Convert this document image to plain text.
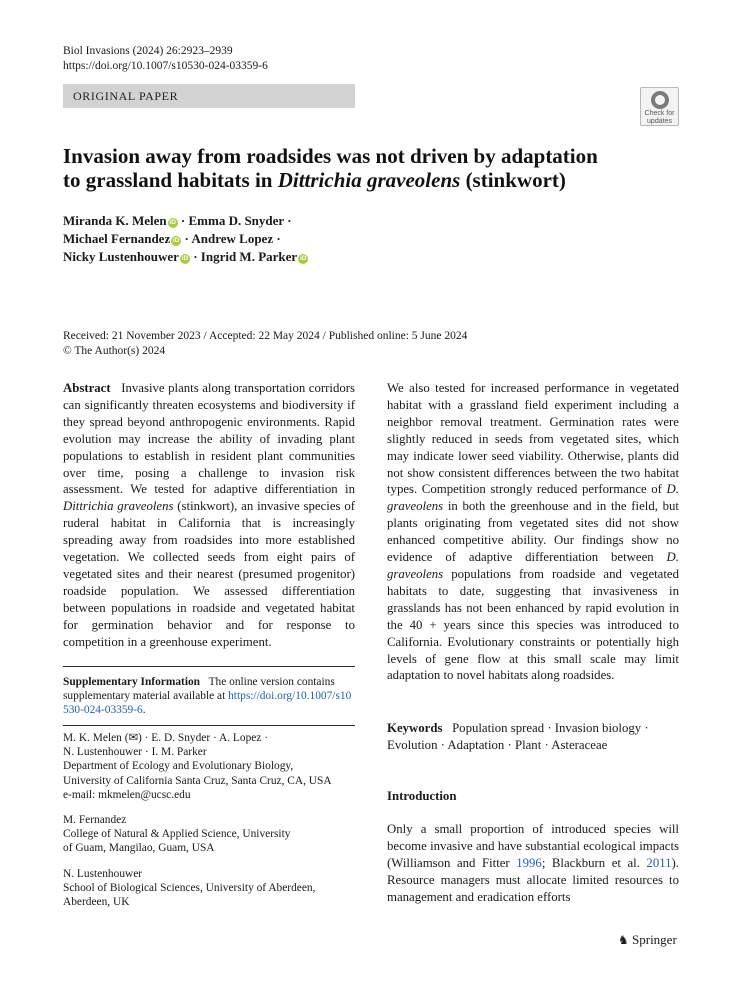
Biol Invasions (2024) 26:2923–2939
https://doi.org/10.1007/s10530-024-03359-6
ORIGINAL PAPER
Check for
updates
Invasion away from roadsides was not driven by adaptation
to grassland habitats in Dittrichia graveolens (stinkwort)
Miranda K. Melen iD · Emma D. Snyder ·
Michael Fernandez iD · Andrew Lopez ·
Nicky Lustenhouwer iD · Ingrid M. Parker iD
Received: 21 November 2023 / Accepted: 22 May 2024 / Published online: 5 June 2024
© The Author(s) 2024
Abstract Invasive plants along transportation corridors can significantly threaten ecosystems and biodiversity if they spread beyond anthropogenic environments. Rapid evolution may increase the ability of invading plant populations to establish in resident plant communities over time, posing a challenge to invasion risk assessment. We tested for adaptive differentiation in Dittrichia graveolens (stinkwort), an invasive species of ruderal habitat in California that is increasingly spreading away from roadsides into more established vegetation. We collected seeds from eight pairs of vegetated sites and their nearest (presumed progenitor) roadside population. We assessed differentiation between populations in roadside and vegetated habitat for germination behavior and for response to competition in a greenhouse experiment.
Supplementary Information The online version contains supplementary material available at https://doi.org/10.1007/s10530-024-03359-6.
M. K. Melen (✉) · E. D. Snyder · A. Lopez ·
N. Lustenhouwer · I. M. Parker
Department of Ecology and Evolutionary Biology,
University of California Santa Cruz, Santa Cruz, CA, USA
e-mail: mkmelen@ucsc.edu
M. Fernandez
College of Natural & Applied Science, University
of Guam, Mangilao, Guam, USA
N. Lustenhouwer
School of Biological Sciences, University of Aberdeen,
Aberdeen, UK
We also tested for increased performance in vegetated habitat with a grassland field experiment including a neighbor removal treatment. Germination rates were slightly reduced in seeds from vegetated sites, which may indicate lower seed viability. Otherwise, plants did not show consistent differences between the two habitat types. Competition strongly reduced performance of D. graveolens in both the greenhouse and in the field, but plants originating from vegetated sites did not show enhanced competitive ability. Our findings show no evidence of adaptive differentiation between D. graveolens populations from roadside and vegetated habitats to date, suggesting that invasiveness in grasslands has not been enhanced by rapid evolution in the 40 + years since this species was introduced to California. Evolutionary constraints or potentially high levels of gene flow at this small scale may limit adaptation to novel habitats along roadsides.
Keywords Population spread · Invasion biology ·
Evolution · Adaptation · Plant · Asteraceae
Introduction
Only a small proportion of introduced species will become invasive and have substantial ecological impacts (Williamson and Fitter 1996; Blackburn et al. 2011). Resource managers must allocate limited resources to management and eradication efforts
♞ Springer
